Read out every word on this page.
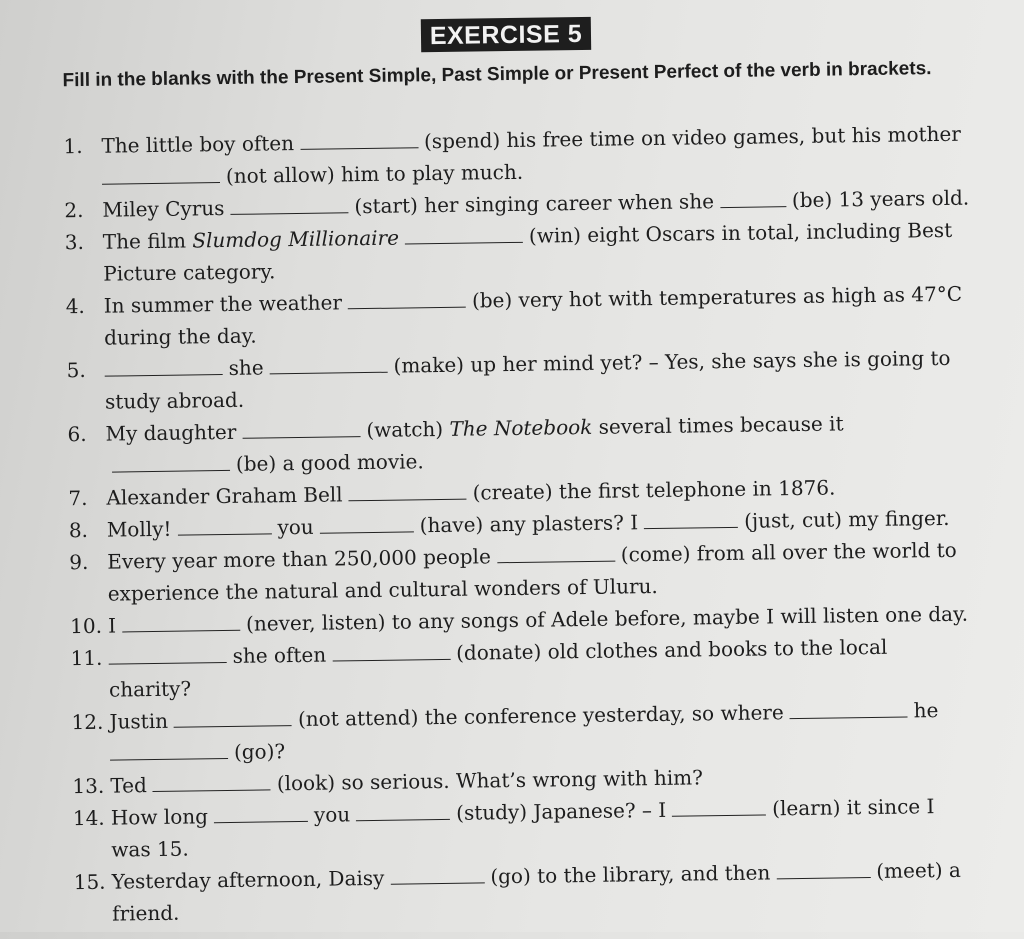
EXERCISE 5
Fill in the blanks with the Present Simple, Past Simple or Present Perfect of the verb in brackets.
1. The little boy often	(spend) his free time on video games, but his mother (not allow) him to play much.
2. Miley Cyrus	(start) her singing career when she	(be) 13 years old.
3. The film Slumdog Millionaire	(win) eight Oscars in total, including Best Picture category.
4. In summer the weather	(be) very hot with temperatures as high as 47°C during the day.
5.	she	(make) up her mind yet? – Yes, she says she is going to study abroad.
6. My daughter	(watch) The Notebook several times because it(be) a good movie.
7. Alexander Graham Bell	(create) the first telephone in 1876.
8. Molly!	you	(have) any plasters? I	(just, cut) my finger.
9. Every year more than 250,000 people	(come) from all over the world to experience the natural and cultural wonders of Uluru.
10. I	(never, listen) to any songs of Adele before, maybe I will listen one day.
11.	she often	(donate) old clothes and books to the local charity?
12. Justin	(not attend) the conference yesterday, so where	he
(go)?
13. Ted	(look) so serious. What’s wrong with him?
14. How long	you	(study) Japanese? – I	(learn) it since I was 15.
15. Yesterday afternoon, Daisy	(go) to the library, and then	(meet) a friend.
